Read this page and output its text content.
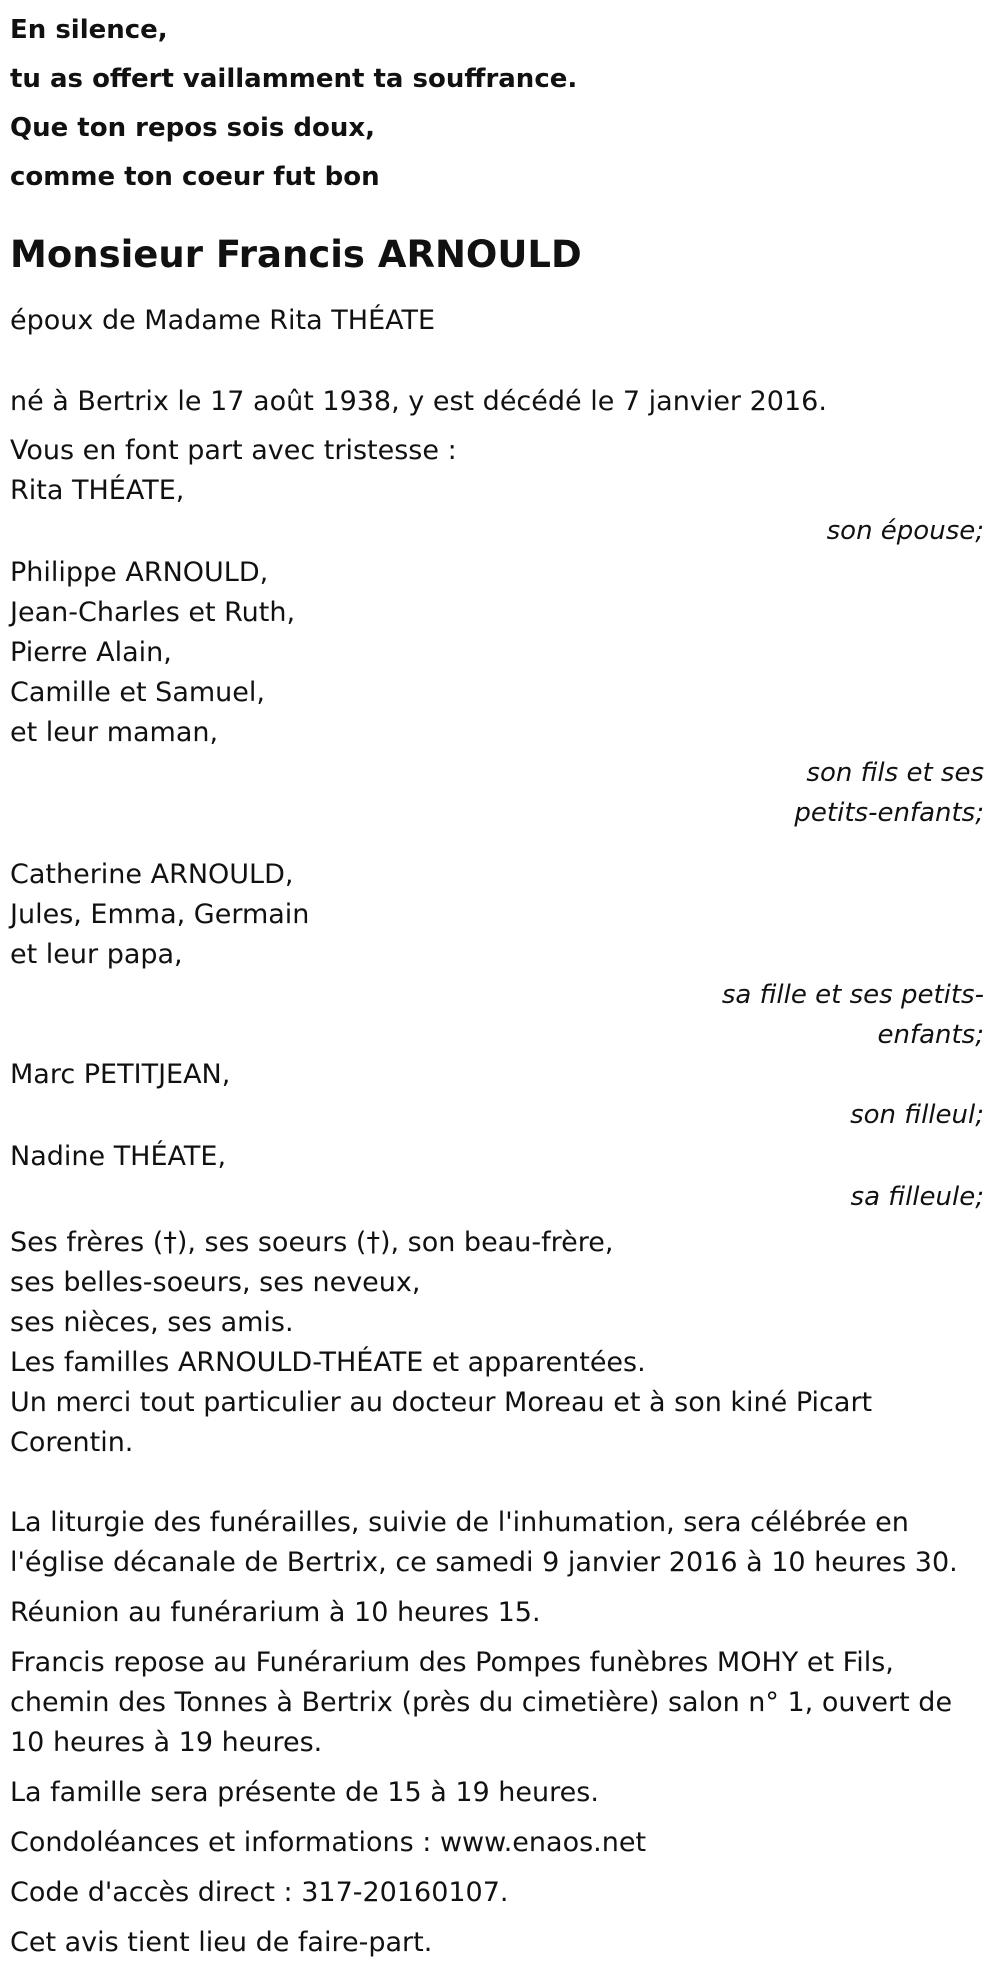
En silence,
tu as offert vaillamment ta souffrance.
Que ton repos sois doux,
comme ton coeur fut bon
Monsieur Francis ARNOULD

époux de Madame Rita THÉATE

né à Bertrix le 17 août 1938, y est décédé le 7 janvier 2016.

Vous en font part avec tristesse :

Rita THÉATE,
son épouse;
Philippe ARNOULD,
Jean-Charles et Ruth,
Pierre Alain,
Camille et Samuel,
et leur maman,
son fils et ses
petits-enfants;
Catherine ARNOULD,
Jules, Emma, Germain
et leur papa,
sa fille et ses petits-
enfants;
Marc PETITJEAN,
son filleul;
Nadine THÉATE,
sa filleule;
Ses frères (†), ses soeurs (†), son beau-frère,
ses belles-soeurs, ses neveux,
ses nièces, ses amis.
Les familles ARNOULD-THÉATE et apparentées.
Un merci tout particulier au docteur Moreau et à son kiné Picart Corentin.

La liturgie des funérailles, suivie de l'inhumation, sera célébrée en l'église décanale de Bertrix, ce samedi 9 janvier 2016 à 10 heures 30.

Réunion au funérarium à 10 heures 15.

Francis repose au Funérarium des Pompes funèbres MOHY et Fils, chemin des Tonnes à Bertrix (près du cimetière) salon n° 1, ouvert de 10 heures à 19 heures.

La famille sera présente de 15 à 19 heures.

Condoléances et informations : www.enaos.net

Code d'accès direct : 317-20160107.

Cet avis tient lieu de faire-part.
